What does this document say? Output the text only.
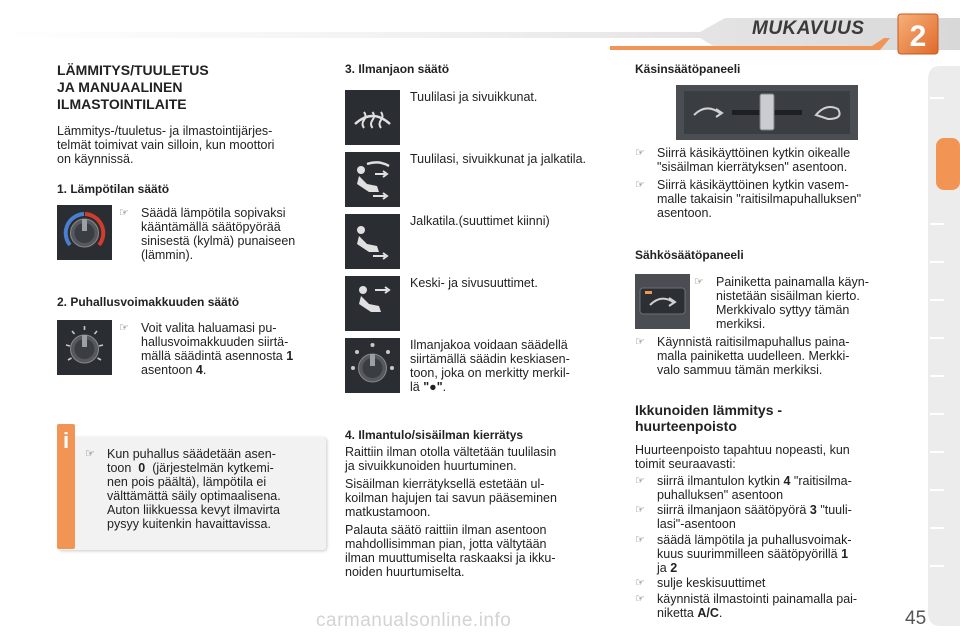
MUKAVUUS 2
LÄMMITYS/TUULETUS
JA MANUAALINEN
ILMASTOINTILAITE
Lämmitys-/tuuletus- ja ilmastointijärjes-
telmät toimivat vain silloin, kun moottori
on käynnissä.
1. Lämpötilan säätö
☞ Säädä lämpötila sopivaksi
kääntämällä säätöpyörää
sinisestä (kylmä) punaiseen
(lämmin).
2. Puhallusvoimakkuuden säätö
☞ Voit valita haluamasi pu-
hallusvoimakkuuden siirtä-
mällä säädintä asennosta 1
asentoon 4.
i
☞ Kun puhallus säädetään asen-
toon 0 (järjestelmän kytkemi-
nen pois päältä), lämpötila ei
välttämättä säily optimaalisena.
Auton liikkuessa kevyt ilmavirta
pysyy kuitenkin havaittavissa.
3. Ilmanjaon säätö
Tuulilasi ja sivuikkunat.
Tuulilasi, sivuikkunat ja jalkatila.
Jalkatila.(suuttimet kiinni)
Keski- ja sivusuuttimet.
Ilmanjakoa voidaan säädellä
siirtämällä säädin keskiasen-
toon, joka on merkitty merkil-
lä "●".
4. Ilmantulo/sisäilman kierrätys
Raittiin ilman otolla vältetään tuulilasin
ja sivuikkunoiden huurtuminen.
Sisäilman kierrätyksellä estetään ul-
koilman hajujen tai savun pääseminen
matkustamoon.
Palauta säätö raittiin ilman asentoon
mahdollisimman pian, jotta vältytään
ilman muuttumiselta raskaaksi ja ikku-
noiden huurtumiselta.
Käsinsäätöpaneeli
☞ Siirrä käsikäyttöinen kytkin oikealle
"sisäilman kierrätyksen" asentoon.
☞ Siirrä käsikäyttöinen kytkin vasem-
malle takaisin "raitisilmapuhalluksen"
asentoon.
Sähkösäätöpaneeli
☞ Painiketta painamalla käyn-
nistetään sisäilman kierto.
Merkkivalo syttyy tämän
merkiksi.
☞ Käynnistä raitisilmapuhallus paina-
malla painiketta uudelleen. Merkki-
valo sammuu tämän merkiksi.
Ikkunoiden lämmitys -
huurteenpoisto
Huurteenpoisto tapahtuu nopeasti, kun
toimit seuraavasti:
☞ siirrä ilmantulon kytkin 4 "raitisilma-
puhalluksen" asentoon
☞ siirrä ilmanjaon säätöpyörä 3 "tuuli-
lasi"-asentoon
☞ säädä lämpötila ja puhallusvoimak-
kuus suurimmilleen säätöpyörillä 1
ja 2
☞ sulje keskisuuttimet
☞ käynnistä ilmastointi painamalla pai-
niketta A/C.
carmanualsonline.info	45
